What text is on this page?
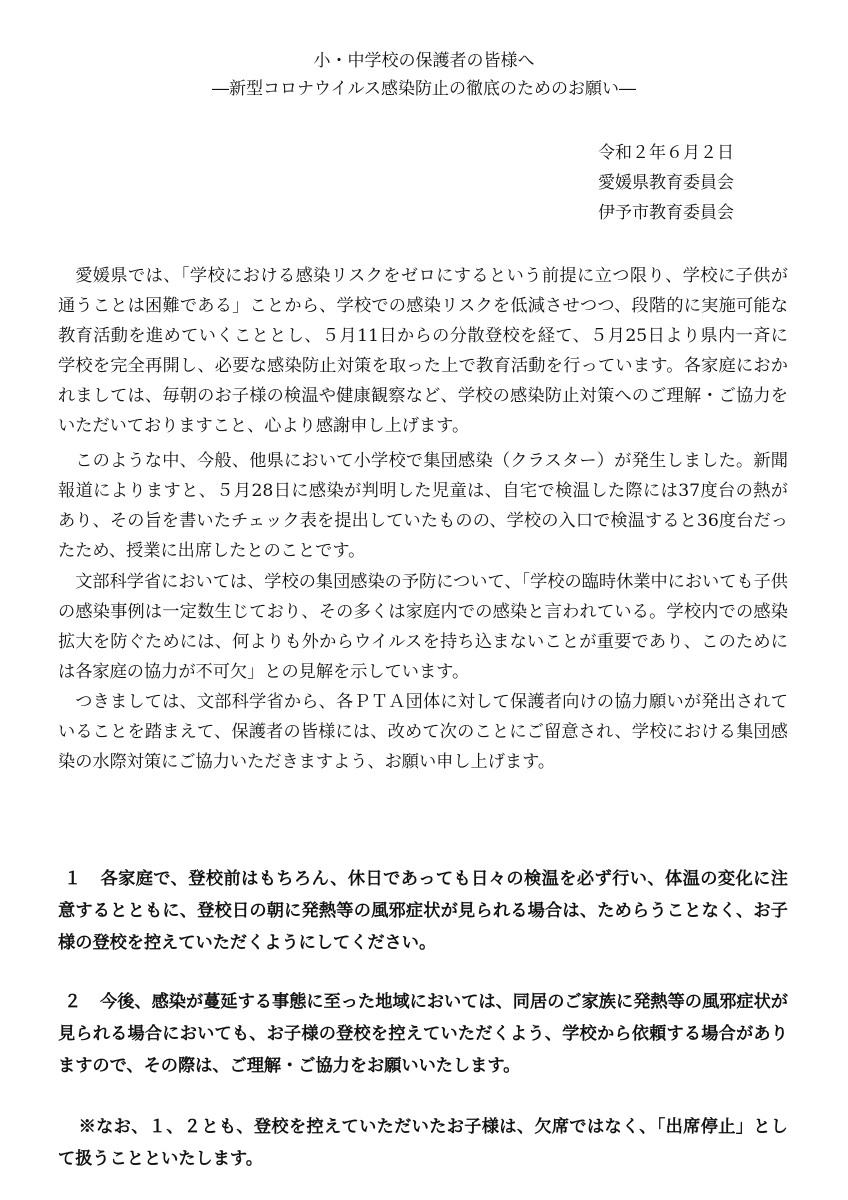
小・中学校の保護者の皆様へ
―新型コロナウイルス感染防止の徹底のためのお願い―
令和２年６月２日
愛媛県教育委員会
伊予市教育委員会

愛媛県では、「学校における感染リスクをゼロにするという前提に立つ限り、学校に子供が通うことは困難である」ことから、学校での感染リスクを低減させつつ、段階的に実施可能な教育活動を進めていくこととし、５月11日からの分散登校を経て、５月25日より県内一斉に学校を完全再開し、必要な感染防止対策を取った上で教育活動を行っています。各家庭におかれましては、毎朝のお子様の検温や健康観察など、学校の感染防止対策へのご理解・ご協力をいただいておりますこと、心より感謝申し上げます。

このような中、今般、他県において小学校で集団感染（クラスター）が発生しました。新聞報道によりますと、５月28日に感染が判明した児童は、自宅で検温した際には37度台の熱があり、その旨を書いたチェック表を提出していたものの、学校の入口で検温すると36度台だったため、授業に出席したとのことです。

文部科学省においては、学校の集団感染の予防について、「学校の臨時休業中においても子供の感染事例は一定数生じており、その多くは家庭内での感染と言われている。学校内での感染拡大を防ぐためには、何よりも外からウイルスを持ち込まないことが重要であり、このためには各家庭の協力が不可欠」との見解を示しています。

つきましては、文部科学省から、各ＰＴＡ団体に対して保護者向けの協力願いが発出されていることを踏まえて、保護者の皆様には、改めて次のことにご留意され、学校における集団感染の水際対策にご協力いただきますよう、お願い申し上げます。

１ 各家庭で、登校前はもちろん、休日であっても日々の検温を必ず行い、体温の変化に注意するとともに、登校日の朝に発熱等の風邪症状が見られる場合は、ためらうことなく、お子様の登校を控えていただくようにしてください。

２ 今後、感染が蔓延する事態に至った地域においては、同居のご家族に発熱等の風邪症状が見られる場合においても、お子様の登校を控えていただくよう、学校から依頼する場合がありますので、その際は、ご理解・ご協力をお願いいたします。

※なお、１、２とも、登校を控えていただいたお子様は、欠席ではなく、「出席停止」として扱うことといたします。
